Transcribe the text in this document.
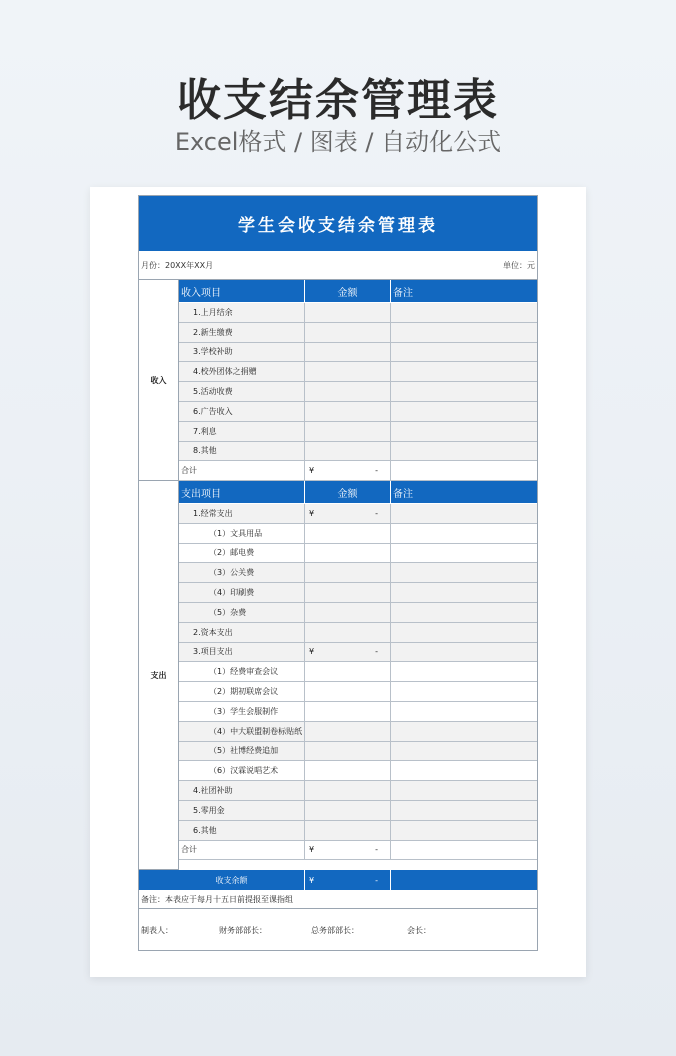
收支结余管理表
Excel格式 / 图表 / 自动化公式
学生会收支结余管理表
月份：20XX年XX月	单位：元
收入
收入项目	金额	备注
1.上月结余
2.新生缴费
3.学校补助
4.校外团体之捐赠
5.活动收费
6.广告收入
7.利息
8.其他
合计	¥	-
支出
支出项目	金额	备注
1.经常支出	¥	-
（1）文具用品
（2）邮电费
（3）公关费
（4）印刷费
（5）杂费
2.资本支出
3.项目支出	¥	-
（1）经费审查会议
（2）期初联席会议
（3）学生会服制作
（4）中大联盟制卷标贴纸
（5）社博经费追加
（6）汉霖说唱艺术
4.社团补助
5.零用金
6.其他
合计	¥	-
收支余额	¥	-
备注：本表应于每月十五日前提报至课指组
制表人：	财务部部长：	总务部部长：	会长：
